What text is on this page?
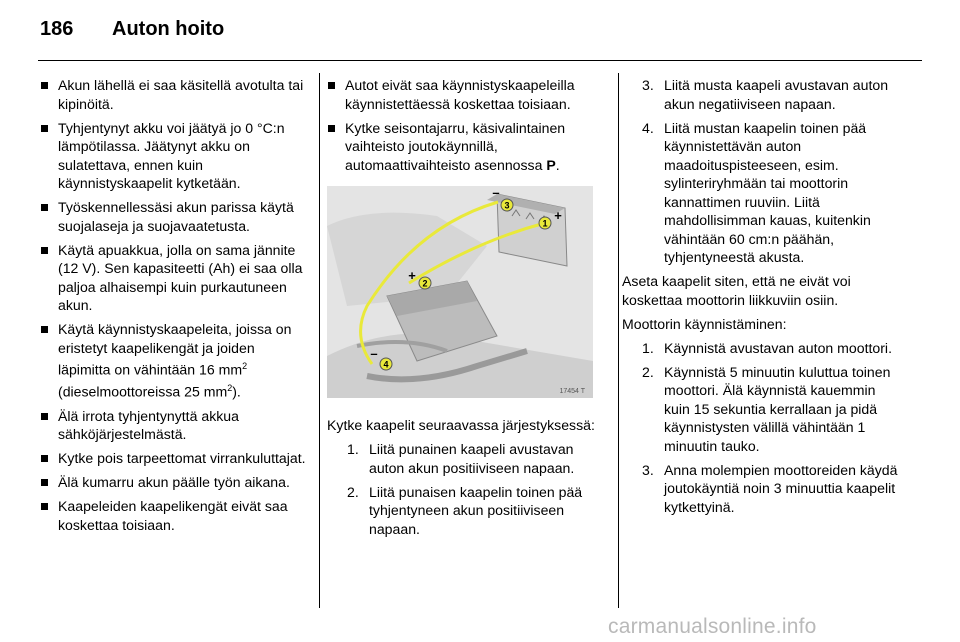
186 Auton hoito
Akun lähellä ei saa käsitellä avotulta tai kipinöitä.
Tyhjentynyt akku voi jäätyä jo 0 °C:n lämpötilassa. Jäätynyt akku on sulatettava, ennen kuin käynnistyskaapelit kytketään.
Työskennellessäsi akun parissa käytä suojalaseja ja suojavaatetusta.
Käytä apuakkua, jolla on sama jännite (12 V). Sen kapasiteetti (Ah) ei saa olla paljoa alhaisempi kuin purkautuneen akun.
Käytä käynnistyskaapeleita, joissa on eristetyt kaapelikengät ja joiden läpimitta on vähintään 16 $mm^2$ (dieselmoottoreissa 25 $mm^2$).
Älä irrota tyhjentynyttä akkua sähköjärjestelmästä.
Kytke pois tarpeettomat virrankuluttajat.
Älä kumarru akun päälle työn aikana.
Kaapeleiden kaapelikengät eivät saa koskettaa toisiaan.
Autot eivät saa käynnistyskaapeleilla käynnistettäessä koskettaa toisiaan.
Kytke seisontajarru, käsivalintainen vaihteisto joutokäynnillä, automaattivaihteisto asennossa P.
1
+
2
+
3
–
4
–
17454 T

Kytke kaapelit seuraavassa järjestyksessä:

1. Liitä punainen kaapeli avustavan auton akun positiiviseen napaan.
2. Liitä punaisen kaapelin toinen pää tyhjentyneen akun positiiviseen napaan.
3. Liitä musta kaapeli avustavan auton akun negatiiviseen napaan.
4. Liitä mustan kaapelin toinen pää käynnistettävän auton maadoituspisteeseen, esim. sylinteriryhmään tai moottorin kannattimen ruuviin. Liitä mahdollisimman kauas, kuitenkin vähintään 60 cm:n päähän, tyhjentyneestä akusta.

Aseta kaapelit siten, että ne eivät voi koskettaa moottorin liikkuviin osiin.

Moottorin käynnistäminen:

1. Käynnistä avustavan auton moottori.
2. Käynnistä 5 minuutin kuluttua toinen moottori. Älä käynnistä kauemmin kuin 15 sekuntia kerrallaan ja pidä käynnistysten välillä vähintään 1 minuutin tauko.
3. Anna molempien moottoreiden käydä joutokäyntiä noin 3 minuuttia kaapelit kytkettyinä.
carmanualsonline.info
